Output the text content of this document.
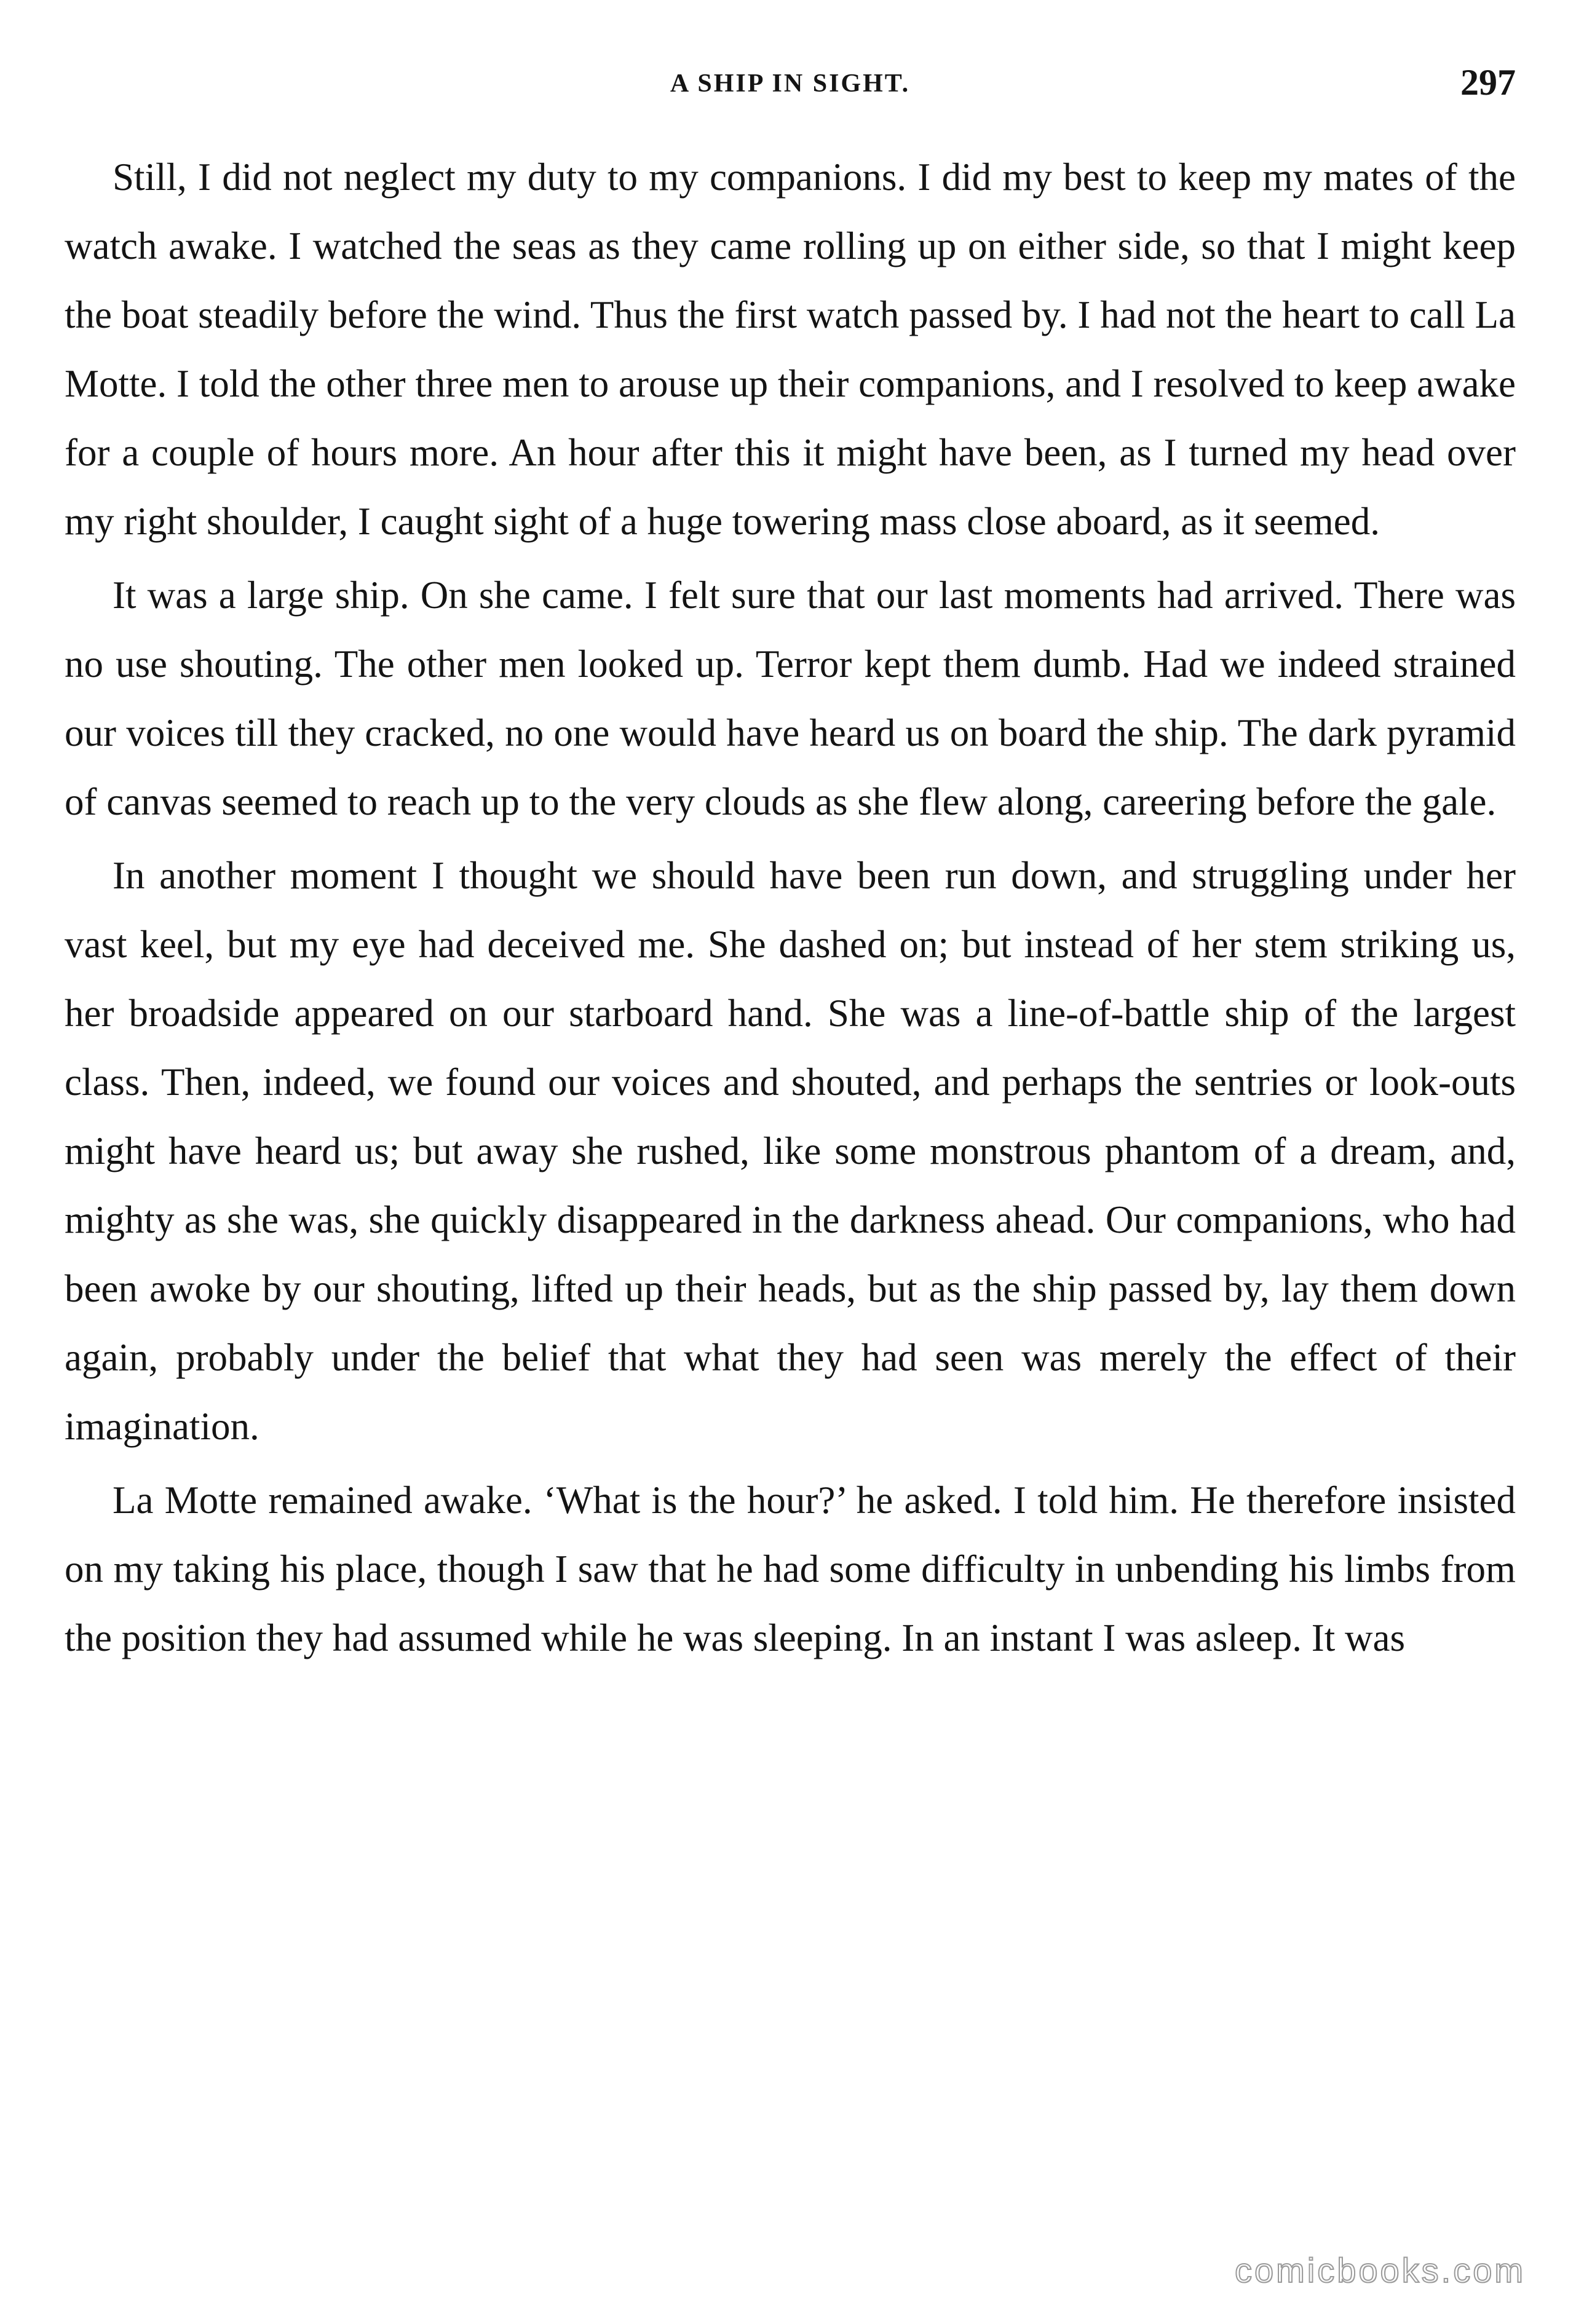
A SHIP IN SIGHT.	297

Still, I did not neglect my duty to my companions. I did my best to keep my mates of the watch awake. I watched the seas as they came rolling up on either side, so that I might keep the boat steadily before the wind. Thus the first watch passed by. I had not the heart to call La Motte. I told the other three men to arouse up their companions, and I resolved to keep awake for a couple of hours more. An hour after this it might have been, as I turned my head over my right shoulder, I caught sight of a huge towering mass close aboard, as it seemed.

It was a large ship. On she came. I felt sure that our last moments had arrived. There was no use shouting. The other men looked up. Terror kept them dumb. Had we indeed strained our voices till they cracked, no one would have heard us on board the ship. The dark pyramid of canvas seemed to reach up to the very clouds as she flew along, careering before the gale.

In another moment I thought we should have been run down, and struggling under her vast keel, but my eye had deceived me. She dashed on; but instead of her stem striking us, her broadside appeared on our starboard hand. She was a line-of-battle ship of the largest class. Then, indeed, we found our voices and shouted, and perhaps the sentries or look-outs might have heard us; but away she rushed, like some monstrous phantom of a dream, and, mighty as she was, she quickly disappeared in the darkness ahead. Our companions, who had been awoke by our shouting, lifted up their heads, but as the ship passed by, lay them down again, probably under the belief that what they had seen was merely the effect of their imagination.

La Motte remained awake. ‘What is the hour?’ he asked. I told him. He therefore insisted on my taking his place, though I saw that he had some difficulty in unbending his limbs from the position they had assumed while he was sleeping. In an instant I was asleep. It was

comicbooks.com
